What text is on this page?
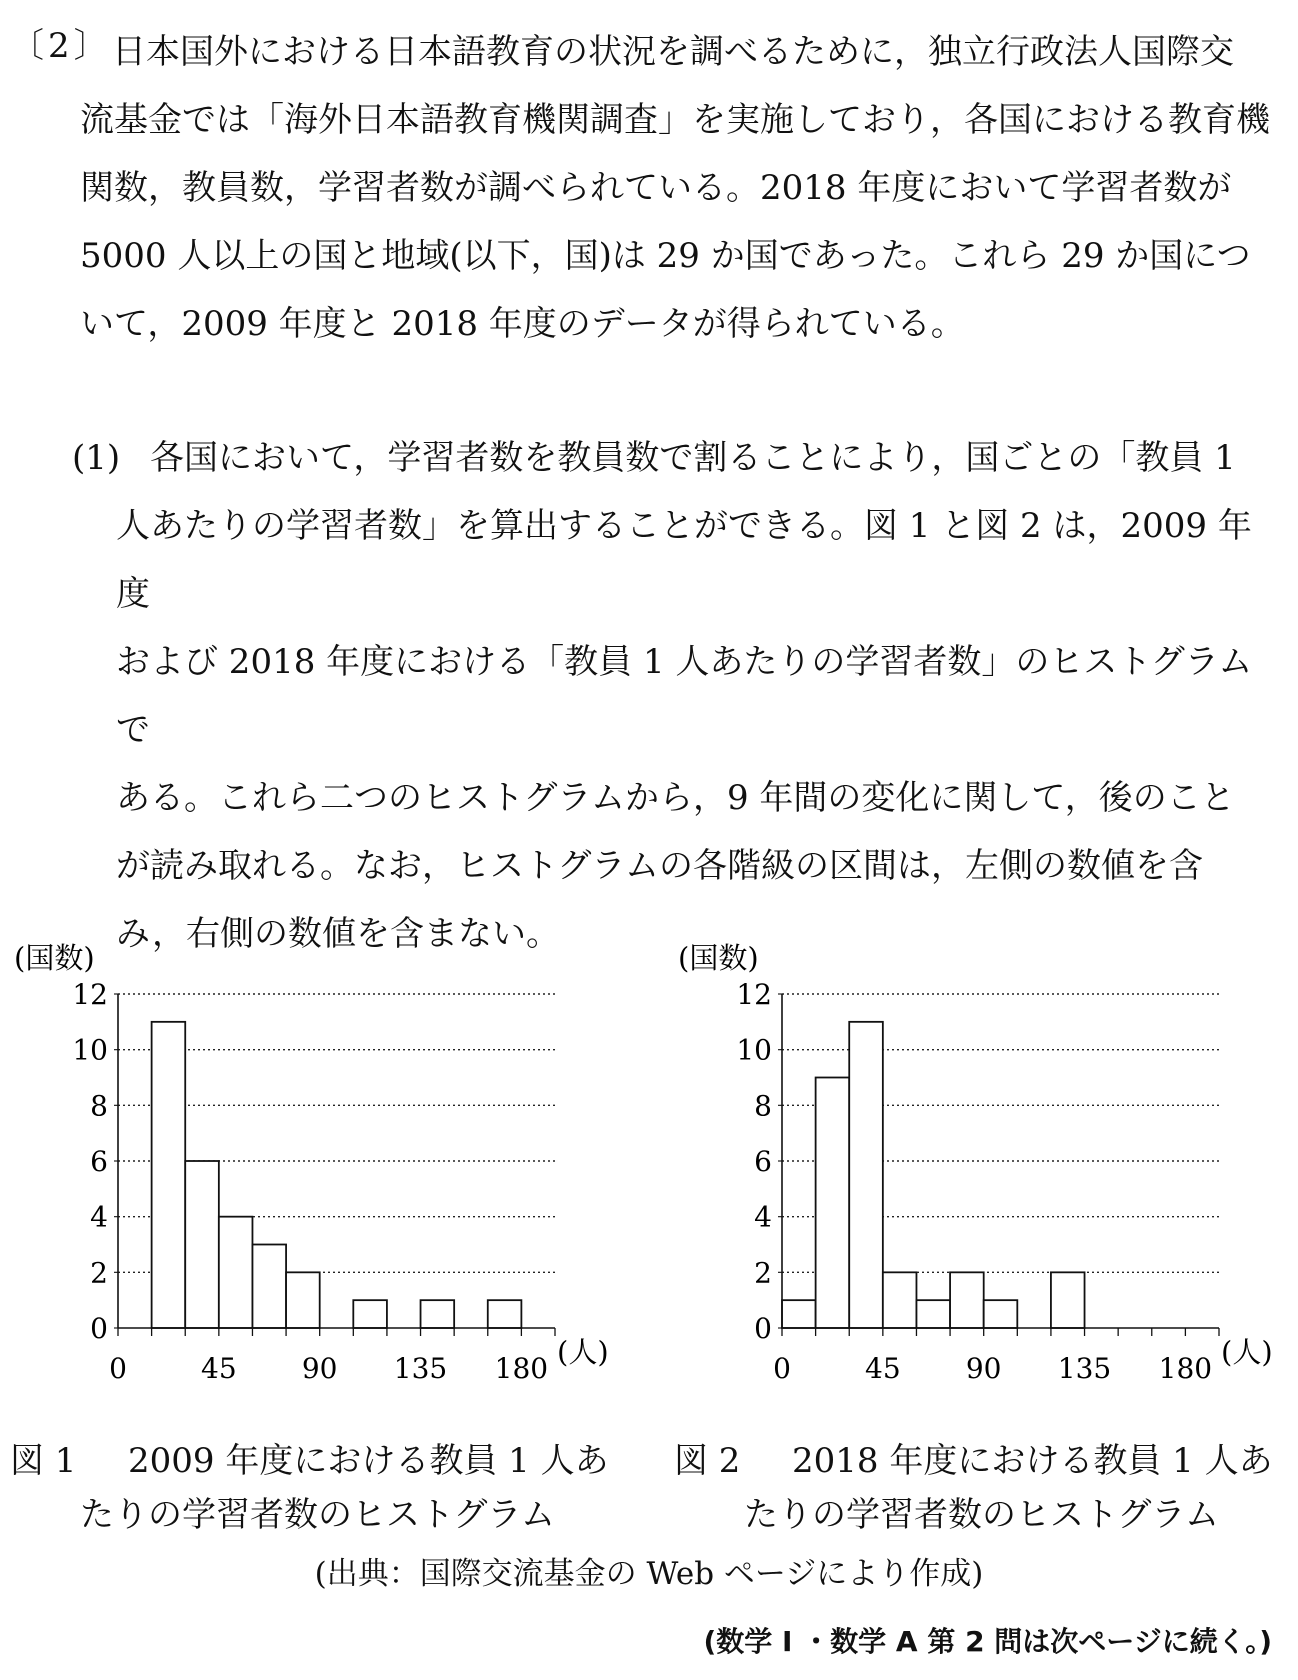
〔2〕 日本国外における日本語教育の状況を調べるために，独立行政法人国際交

流基金では「海外日本語教育機関調査」を実施しており，各国における教育機

関数，教員数，学習者数が調べられている。2018 年度において学習者数が

5000 人以上の国と地域(以下，国)は 29 か国であった。これら 29 か国につ

いて，2009 年度と 2018 年度のデータが得られている。

(1) 各国において，学習者数を教員数で割ることにより，国ごとの「教員 1

人あたりの学習者数」を算出することができる。図 1 と図 2 は，2009 年度

および 2018 年度における「教員 1 人あたりの学習者数」のヒストグラムで

ある。これら二つのヒストグラムから，9 年間の変化に関して，後のこと

が読み取れる。なお，ヒストグラムの各階級の区間は，左側の数値を含

み，右側の数値を含まない。

(国数)
0
2
4
6
8
10
12
0	45 90 135 180 (人)
(国数)
0
2
4
6
8
10
12
0	45 90 135 180 (人)
図 1 2009 年度における教員 1 人あ
たりの学習者数のヒストグラム
図 2 2018 年度における教員 1 人あ
たりの学習者数のヒストグラム
(出典：国際交流基金の Web ページにより作成)
(数学 I ・数学 A 第 2 問は次ページに続く。)
